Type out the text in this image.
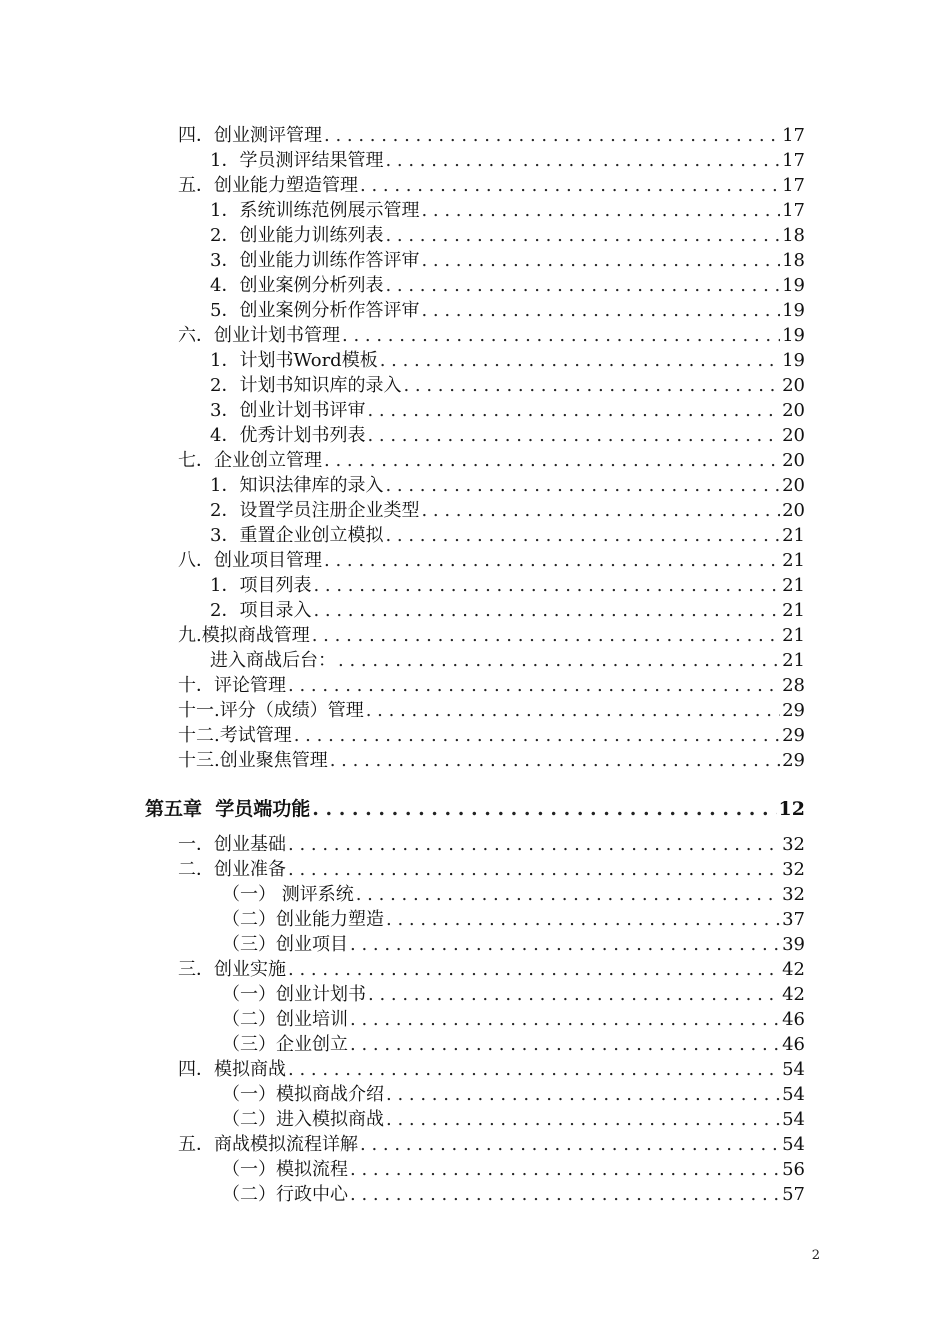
四．创业测评管理 . . .	17
1．学员测评结果管理 . . .	17
五．创业能力塑造管理 . . .	17
1．系统训练范例展示管理 . . .	17
2．创业能力训练列表 . . .	18
3．创业能力训练作答评审 . . .	18
4．创业案例分析列表 . . .	19
5．创业案例分析作答评审 . . .	19
六．创业计划书管理 . . .	19
1．计划书Word模板 . . .	19
2．计划书知识库的录入 . . .	20
3．创业计划书评审 . . .	20
4．优秀计划书列表 . . .	20
七．企业创立管理 . . .	20
1．知识法律库的录入 . . .	20
2．设置学员注册企业类型 . . .	20
3．重置企业创立模拟 . . .	21
八．创业项目管理 . . .	21
1．项目列表 . . .	21
2．项目录入 . . .	21
九.模拟商战管理 . . .	21
进入商战后台： . . .	21
十．评论管理 . . .	28
十一.评分（成绩）管理 . . .	29
十二.考试管理 . . .	29
十三.创业聚焦管理 . . .	29
第五章  学员端功能 . . .	12
一．创业基础 . . .	32
二．创业准备 . . .	32
（一） 测评系统 . . .	32
（二）创业能力塑造 . . .	37
（三）创业项目 . . .	39
三．创业实施 . . .	42
（一）创业计划书 . . .	42
（二）创业培训 . . .	46
（三）企业创立 . . .	46
四．模拟商战 . . .	54
（一）模拟商战介绍 . . .	54
（二）进入模拟商战 . . .	54
五．商战模拟流程详解 . . .	54
（一）模拟流程 . . .	56
（二）行政中心 . . .	57
2
